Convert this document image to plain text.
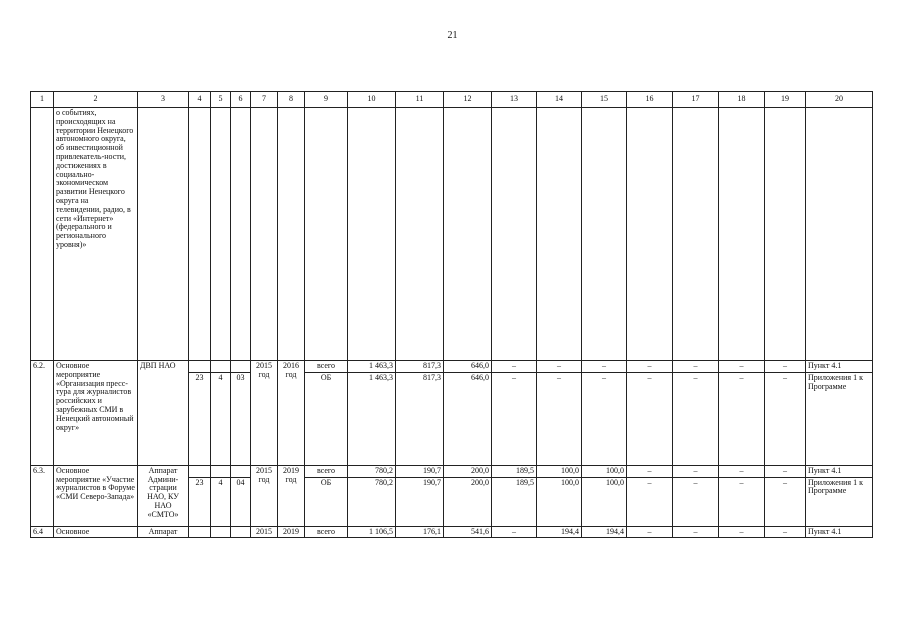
21
1	2	3	4	5	6	7	8	9	10	11	12	13	14	15	16	17	18	19	20
	о событиях, происходящих на территории Ненецкого автономного округа, об инвестиционной привлекатель-ности, достижениях в социально-экономическом развитии Ненецкого округа на телевидении, радио, в сети «Интернет» (федерального и регионального уровня)»																		
6.2.	Основное мероприятие «Организация пресс-тура для журналистов российских и зарубежных СМИ в Ненецкий автономный округ»	ДВП НАО				2015 год	2016 год	всего	1 463,3	817,3	646,0	–	–	–	–	–	–	–	Пункт 4.1
			23	4	03			ОБ	1 463,3	817,3	646,0	–	–	–	–	–	–	–	Приложения 1 к Программе
6.3.	Основное мероприятие «Участие журналистов в Форуме «СМИ Северо-Запада»	Аппарат Админи-страции НАО, КУ НАО «СМТО»				2015 год	2019 год	всего	780,2	190,7	200,0	189,5	100,0	100,0	–	–	–	–	Пункт 4.1
			23	4	04			ОБ	780,2	190,7	200,0	189,5	100,0	100,0	–	–	–	–	Приложения 1 к Программе
6.4	Основное	Аппарат				2015	2019	всего	1 106,5	176,1	541,6	–	194,4	194,4	–	–	–	–	Пункт 4.1
